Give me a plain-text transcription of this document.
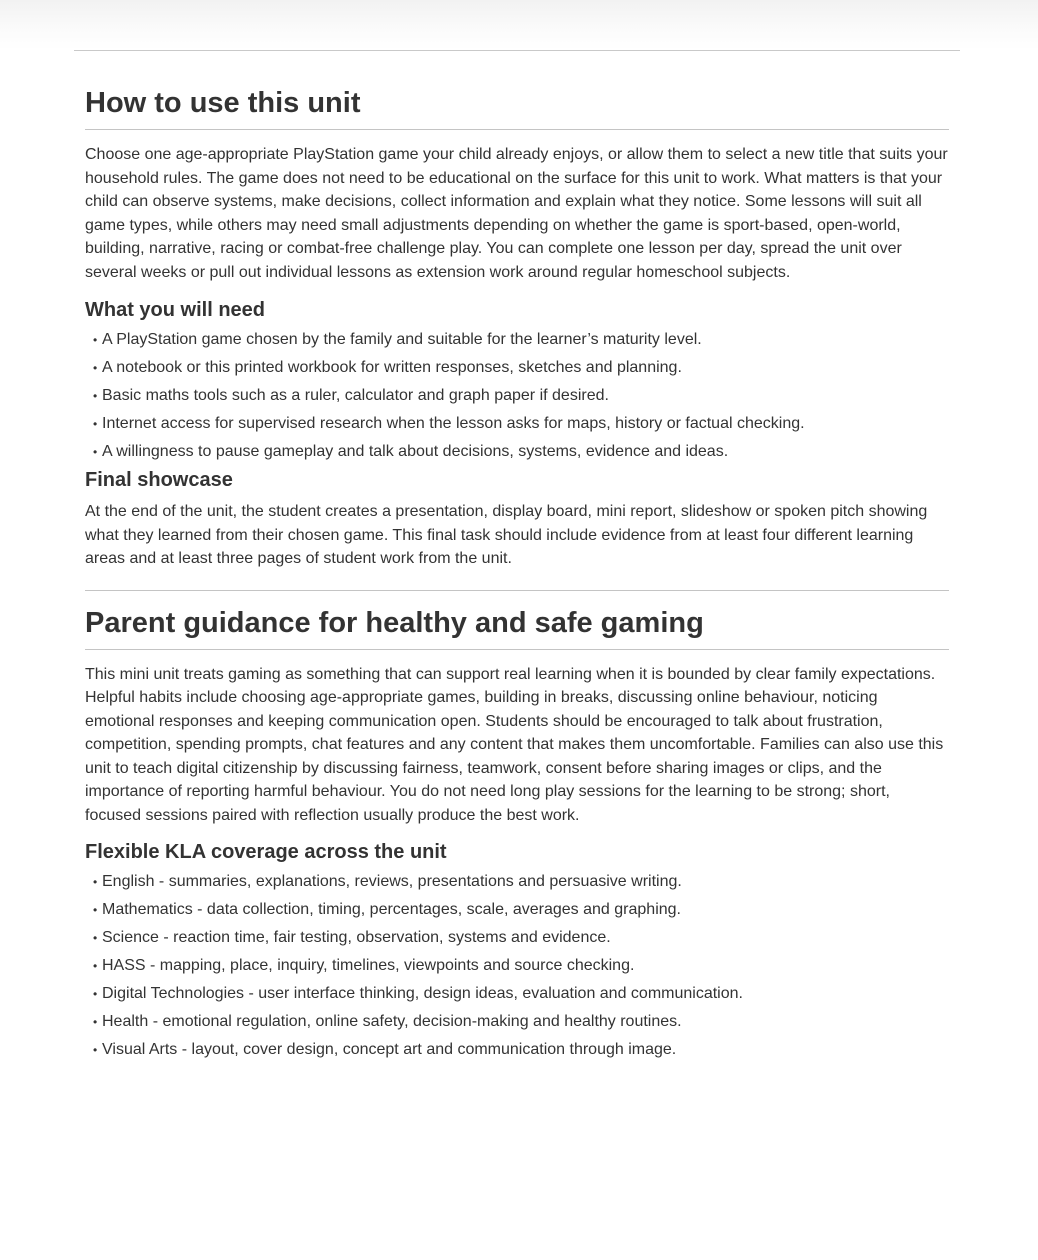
How to use this unit

Choose one age-appropriate PlayStation game your child already enjoys, or allow them to select a new title that suits your household rules. The game does not need to be educational on the surface for this unit to work. What matters is that your child can observe systems, make decisions, collect information and explain what they notice. Some lessons will suit all game types, while others may need small adjustments depending on whether the game is sport-based, open-world, building, narrative, racing or combat-free challenge play. You can complete one lesson per day, spread the unit over several weeks or pull out individual lessons as extension work around regular homeschool subjects.

What you will need
• A PlayStation game chosen by the family and suitable for the learner’s maturity level.
• A notebook or this printed workbook for written responses, sketches and planning.
• Basic maths tools such as a ruler, calculator and graph paper if desired.
• Internet access for supervised research when the lesson asks for maps, history or factual checking.
• A willingness to pause gameplay and talk about decisions, systems, evidence and ideas.
Final showcase

At the end of the unit, the student creates a presentation, display board, mini report, slideshow or spoken pitch showing what they learned from their chosen game. This final task should include evidence from at least four different learning areas and at least three pages of student work from the unit.

Parent guidance for healthy and safe gaming

This mini unit treats gaming as something that can support real learning when it is bounded by clear family expectations. Helpful habits include choosing age-appropriate games, building in breaks, discussing online behaviour, noticing emotional responses and keeping communication open. Students should be encouraged to talk about frustration, competition, spending prompts, chat features and any content that makes them uncomfortable. Families can also use this unit to teach digital citizenship by discussing fairness, teamwork, consent before sharing images or clips, and the importance of reporting harmful behaviour. You do not need long play sessions for the learning to be strong; short, focused sessions paired with reflection usually produce the best work.

Flexible KLA coverage across the unit
• English - summaries, explanations, reviews, presentations and persuasive writing.
• Mathematics - data collection, timing, percentages, scale, averages and graphing.
• Science - reaction time, fair testing, observation, systems and evidence.
• HASS - mapping, place, inquiry, timelines, viewpoints and source checking.
• Digital Technologies - user interface thinking, design ideas, evaluation and communication.
• Health - emotional regulation, online safety, decision-making and healthy routines.
• Visual Arts - layout, cover design, concept art and communication through image.
